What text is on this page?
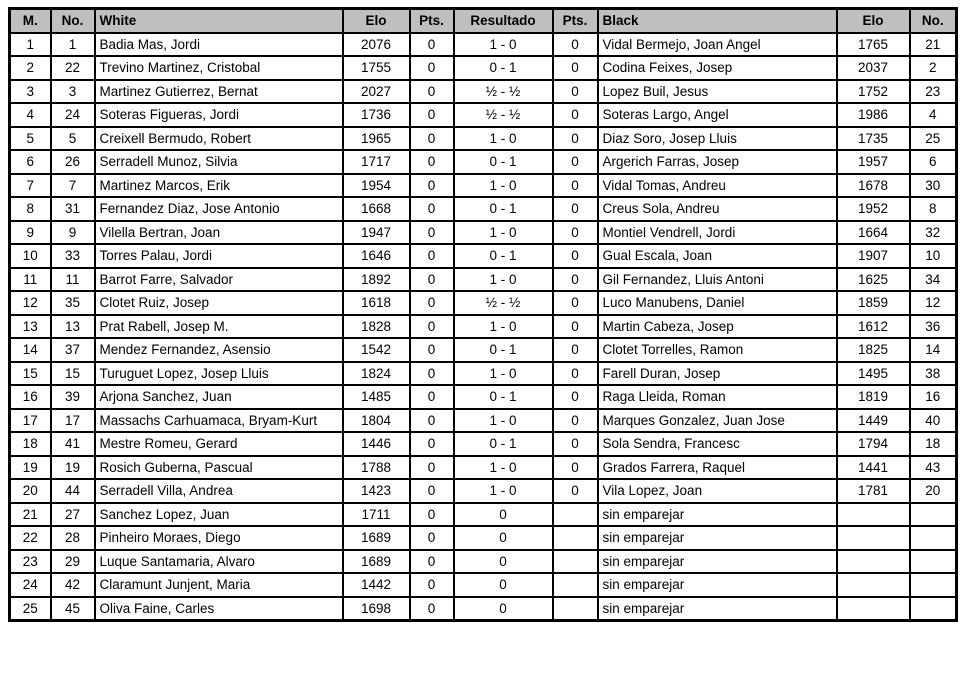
M.	No.	White	Elo	Pts.	Resultado	Pts.	Black	Elo	No.
1	1	Badia Mas, Jordi	2076	0	1 - 0	0	Vidal Bermejo, Joan Angel	1765	21
2	22	Trevino Martinez, Cristobal	1755	0	0 - 1	0	Codina Feixes, Josep	2037	2
3	3	Martinez Gutierrez, Bernat	2027	0	½ - ½	0	Lopez Buil, Jesus	1752	23
4	24	Soteras Figueras, Jordi	1736	0	½ - ½	0	Soteras Largo, Angel	1986	4
5	5	Creixell Bermudo, Robert	1965	0	1 - 0	0	Diaz Soro, Josep Lluis	1735	25
6	26	Serradell Munoz, Silvia	1717	0	0 - 1	0	Argerich Farras, Josep	1957	6
7	7	Martinez Marcos, Erik	1954	0	1 - 0	0	Vidal Tomas, Andreu	1678	30
8	31	Fernandez Diaz, Jose Antonio	1668	0	0 - 1	0	Creus Sola, Andreu	1952	8
9	9	Vilella Bertran, Joan	1947	0	1 - 0	0	Montiel Vendrell, Jordi	1664	32
10	33	Torres Palau, Jordi	1646	0	0 - 1	0	Gual Escala, Joan	1907	10
11	11	Barrot Farre, Salvador	1892	0	1 - 0	0	Gil Fernandez, Lluis Antoni	1625	34
12	35	Clotet Ruiz, Josep	1618	0	½ - ½	0	Luco Manubens, Daniel	1859	12
13	13	Prat Rabell, Josep M.	1828	0	1 - 0	0	Martin Cabeza, Josep	1612	36
14	37	Mendez Fernandez, Asensio	1542	0	0 - 1	0	Clotet Torrelles, Ramon	1825	14
15	15	Turuguet Lopez, Josep Lluis	1824	0	1 - 0	0	Farell Duran, Josep	1495	38
16	39	Arjona Sanchez, Juan	1485	0	0 - 1	0	Raga Lleida, Roman	1819	16
17	17	Massachs Carhuamaca, Bryam-Kurt	1804	0	1 - 0	0	Marques Gonzalez, Juan Jose	1449	40
18	41	Mestre Romeu, Gerard	1446	0	0 - 1	0	Sola Sendra, Francesc	1794	18
19	19	Rosich Guberna, Pascual	1788	0	1 - 0	0	Grados Farrera, Raquel	1441	43
20	44	Serradell Villa, Andrea	1423	0	1 - 0	0	Vila Lopez, Joan	1781	20
21	27	Sanchez Lopez, Juan	1711	0	0		sin emparejar		
22	28	Pinheiro Moraes, Diego	1689	0	0		sin emparejar		
23	29	Luque Santamaria, Alvaro	1689	0	0		sin emparejar		
24	42	Claramunt Junjent, Maria	1442	0	0		sin emparejar		
25	45	Oliva Faine, Carles	1698	0	0		sin emparejar		
